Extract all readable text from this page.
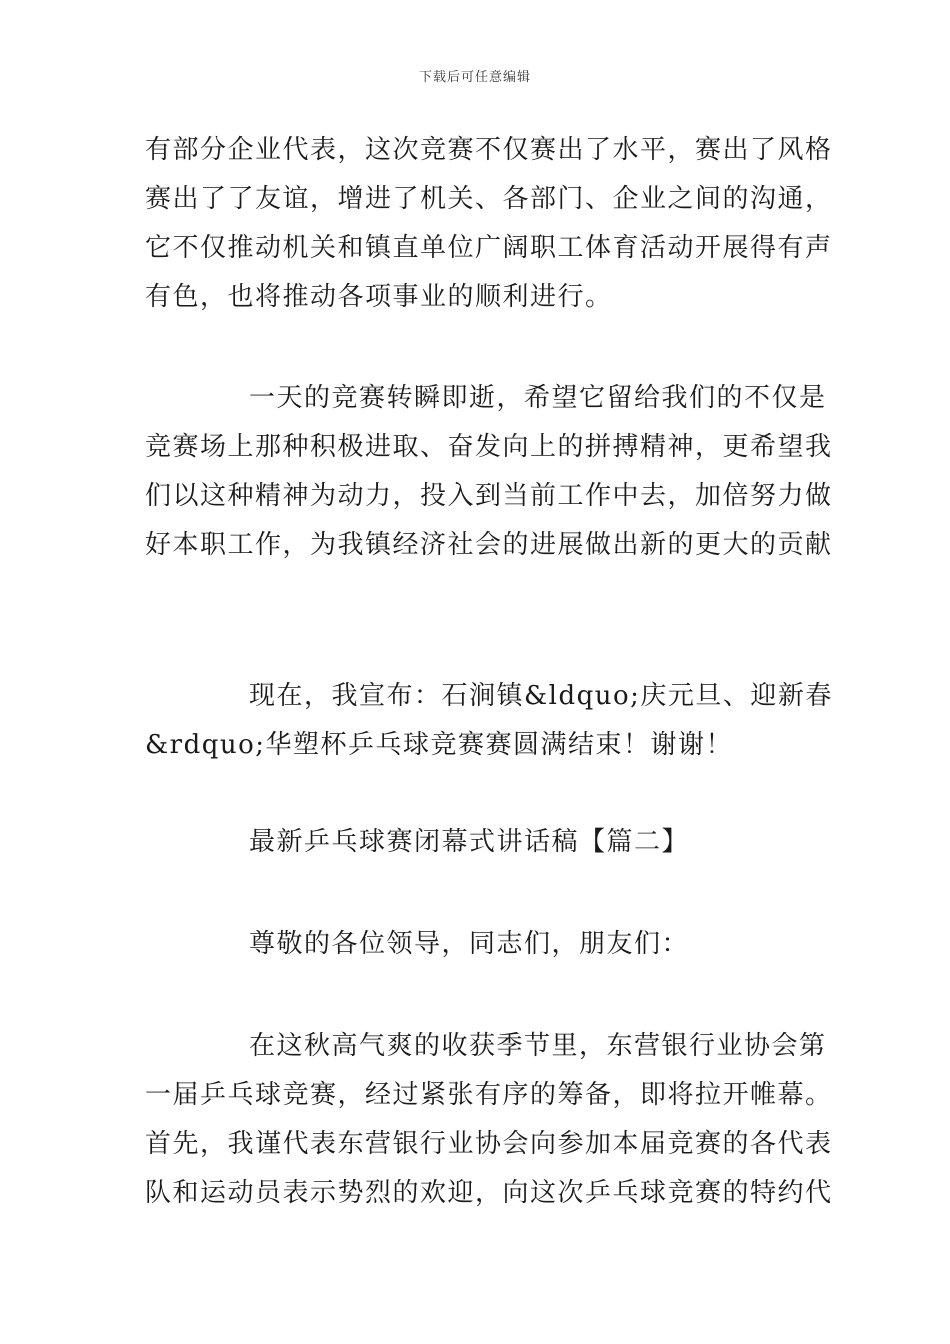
下载后可任意编辑
有部分企业代表，这次竞赛不仅赛出了水平，赛出了风格
赛出了了友谊，增进了机关、各部门、企业之间的沟通，
它不仅推动机关和镇直单位广阔职工体育活动开展得有声
有色，也将推动各项事业的顺利进行。
一天的竞赛转瞬即逝，希望它留给我们的不仅是
竞赛场上那种积极进取、奋发向上的拼搏精神，更希望我
们以这种精神为动力，投入到当前工作中去，加倍努力做
好本职工作，为我镇经济社会的进展做出新的更大的贡献
现在，我宣布：石涧镇&ldquo;庆元旦、迎新春
&rdquo;华塑杯乒乓球竞赛赛圆满结束！谢谢！
最新乒乓球赛闭幕式讲话稿【篇二】
尊敬的各位领导，同志们，朋友们：
在这秋高气爽的收获季节里，东营银行业协会第
一届乒乓球竞赛，经过紧张有序的筹备，即将拉开帷幕。
首先，我谨代表东营银行业协会向参加本届竞赛的各代表
队和运动员表示势烈的欢迎，向这次乒乓球竞赛的特约代
